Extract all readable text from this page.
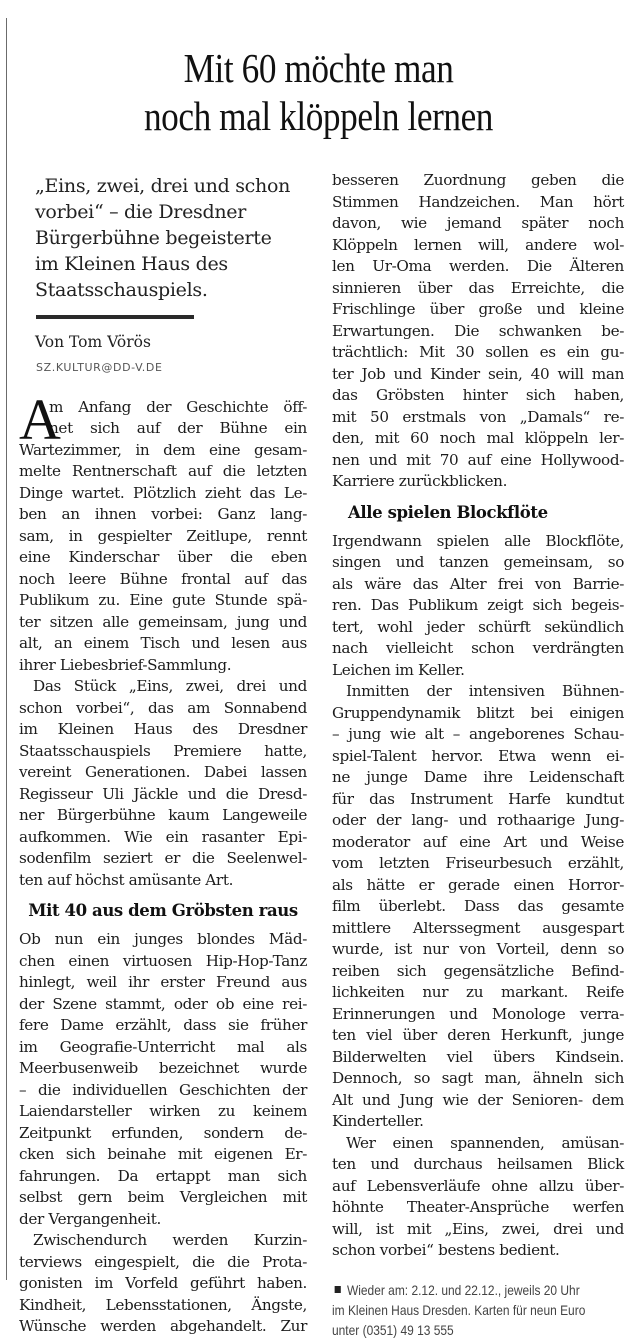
Mit 60 möchte man
noch mal klöppeln lernen
„Eins, zwei, drei und schon
vorbei“ – die Dresdner
Bürgerbühne begeisterte
im Kleinen Haus des
Staatsschauspiels.
Von Tom Vörös
SZ.KULTUR@DD-V.DE
A
m Anfang der Geschichte öff-
net sich auf der Bühne ein
Wartezimmer, in dem eine gesam-
melte Rentnerschaft auf die letzten
Dinge wartet. Plötzlich zieht das Le-
ben an ihnen vorbei: Ganz lang-
sam, in gespielter Zeitlupe, rennt
eine Kinderschar über die eben
noch leere Bühne frontal auf das
Publikum zu. Eine gute Stunde spä-
ter sitzen alle gemeinsam, jung und
alt, an einem Tisch und lesen aus
ihrer Liebesbrief-Sammlung.
Das Stück „Eins, zwei, drei und
schon vorbei“, das am Sonnabend
im Kleinen Haus des Dresdner
Staatsschauspiels Premiere hatte,
vereint Generationen. Dabei lassen
Regisseur Uli Jäckle und die Dresd-
ner Bürgerbühne kaum Langeweile
aufkommen. Wie ein rasanter Epi-
sodenfilm seziert er die Seelenwel-
ten auf höchst amüsante Art.
Mit 40 aus dem Gröbsten raus
Ob nun ein junges blondes Mäd-
chen einen virtuosen Hip-Hop-Tanz
hinlegt, weil ihr erster Freund aus
der Szene stammt, oder ob eine rei-
fere Dame erzählt, dass sie früher
im Geografie-Unterricht mal als
Meerbusenweib bezeichnet wurde
– die individuellen Geschichten der
Laiendarsteller wirken zu keinem
Zeitpunkt erfunden, sondern de-
cken sich beinahe mit eigenen Er-
fahrungen. Da ertappt man sich
selbst gern beim Vergleichen mit
der Vergangenheit.
Zwischendurch werden Kurzin-
terviews eingespielt, die die Prota-
gonisten im Vorfeld geführt haben.
Kindheit, Lebensstationen, Ängste,
Wünsche werden abgehandelt. Zur
besseren Zuordnung geben die
Stimmen Handzeichen. Man hört
davon, wie jemand später noch
Klöppeln lernen will, andere wol-
len Ur-Oma werden. Die Älteren
sinnieren über das Erreichte, die
Frischlinge über große und kleine
Erwartungen. Die schwanken be-
trächtlich: Mit 30 sollen es ein gu-
ter Job und Kinder sein, 40 will man
das Gröbsten hinter sich haben,
mit 50 erstmals von „Damals“ re-
den, mit 60 noch mal klöppeln ler-
nen und mit 70 auf eine Hollywood-
Karriere zurückblicken.
Alle spielen Blockflöte
Irgendwann spielen alle Blockflöte,
singen und tanzen gemeinsam, so
als wäre das Alter frei von Barrie-
ren. Das Publikum zeigt sich begeis-
tert, wohl jeder schürft sekündlich
nach vielleicht schon verdrängten
Leichen im Keller.
Inmitten der intensiven Bühnen-
Gruppendynamik blitzt bei einigen
– jung wie alt – angeborenes Schau-
spiel-Talent hervor. Etwa wenn ei-
ne junge Dame ihre Leidenschaft
für das Instrument Harfe kundtut
oder der lang- und rothaarige Jung-
moderator auf eine Art und Weise
vom letzten Friseurbesuch erzählt,
als hätte er gerade einen Horror-
film überlebt. Dass das gesamte
mittlere Alterssegment ausgespart
wurde, ist nur von Vorteil, denn so
reiben sich gegensätzliche Befind-
lichkeiten nur zu markant. Reife
Erinnerungen und Monologe verra-
ten viel über deren Herkunft, junge
Bilderwelten viel übers Kindsein.
Dennoch, so sagt man, ähneln sich
Alt und Jung wie der Senioren- dem
Kinderteller.
Wer einen spannenden, amüsan-
ten und durchaus heilsamen Blick
auf Lebensverläufe ohne allzu über-
höhnte Theater-Ansprüche werfen
will, ist mit „Eins, zwei, drei und
schon vorbei“ bestens bedient.
Wieder am: 2.12. und 22.12., jeweils 20 Uhr
im Kleinen Haus Dresden. Karten für neun Euro
unter (0351) 49 13 555
